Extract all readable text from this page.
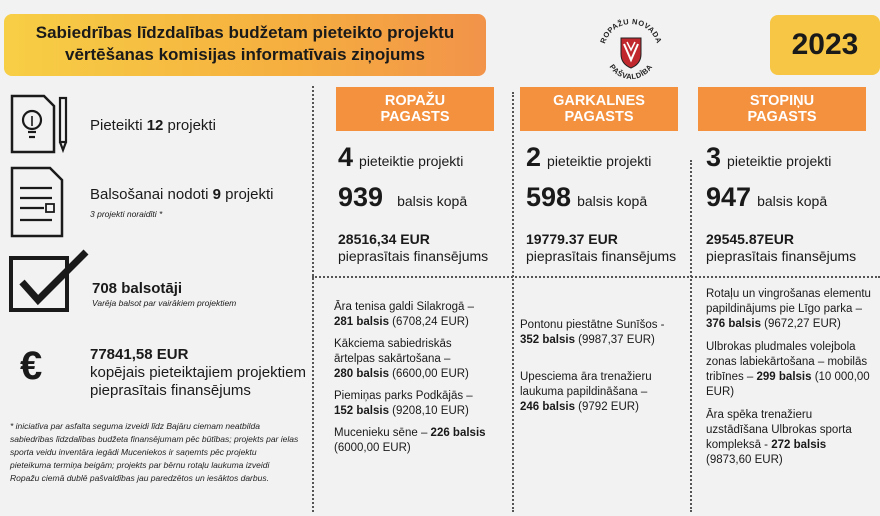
Sabiedrības līdzdalības budžetam pieteikto projektu
vērtēšanas komisijas informatīvais ziņojums
ROPAŽU NOVADA
PAŠVALDĪBA
2023
Pieteikti 12 projekti
Balsošanai nodoti 9 projekti
3 projekti noraidīti *
708 balsotāji
Varēja balsot par vairākiem projektiem
€	77841,58 EUR
kopējais pieteiktajiem projektiem
pieprasītais finansējums
* iniciatīva par asfalta seguma izveidi līdz Bajāru ciemam neatbilda sabiedrības līdzdalības budžeta finansējumam pēc būtības; projekts par ielas sporta veidu inventāra iegādi Muceniekos ir saņemts pēc projektu pieteikuma termiņa beigām; projekts par bērnu rotaļu laukuma izveidi Ropažu ciemā dublē pašvaldības jau paredzētos un iesāktos darbus.
ROPAŽU
PAGASTS
4 pieteiktie projekti
939 balsis kopā
28516,34 EUR
pieprasītais finansējums
Āra tenisa galdi Silakrogā –
281 balsis (6708,24 EUR)
Kākciema sabiedriskās ārtelpas sakārtošana –
280 balsis (6600,00 EUR)
Piemiņas parks Podkājās –
152 balsis (9208,10 EUR)
Mucenieku sēne – 226 balsis
(6000,00 EUR)
GARKALNES
PAGASTS
2 pieteiktie projekti
598 balsis kopā
19779.37 EUR
pieprasītais finansējums
Pontonu piestātne Sunīšos -
352 balsis (9987,37 EUR)
Upesciema āra trenažieru laukuma papildināšana –
246 balsis (9792 EUR)
STOPIŅU
PAGASTS
3 pieteiktie projekti
947 balsis kopā
29545.87EUR
pieprasītais finansējums
Rotaļu un vingrošanas elementu papildinājums pie Līgo parka – 376 balsis (9672,27 EUR)
Ulbrokas pludmales volejbola zonas labiekārtošana – mobilās tribīnes – 299 balsis (10 000,00 EUR)
Āra spēka trenažieru uzstādīšana Ulbrokas sporta kompleksā - 272 balsis (9873,60 EUR)
